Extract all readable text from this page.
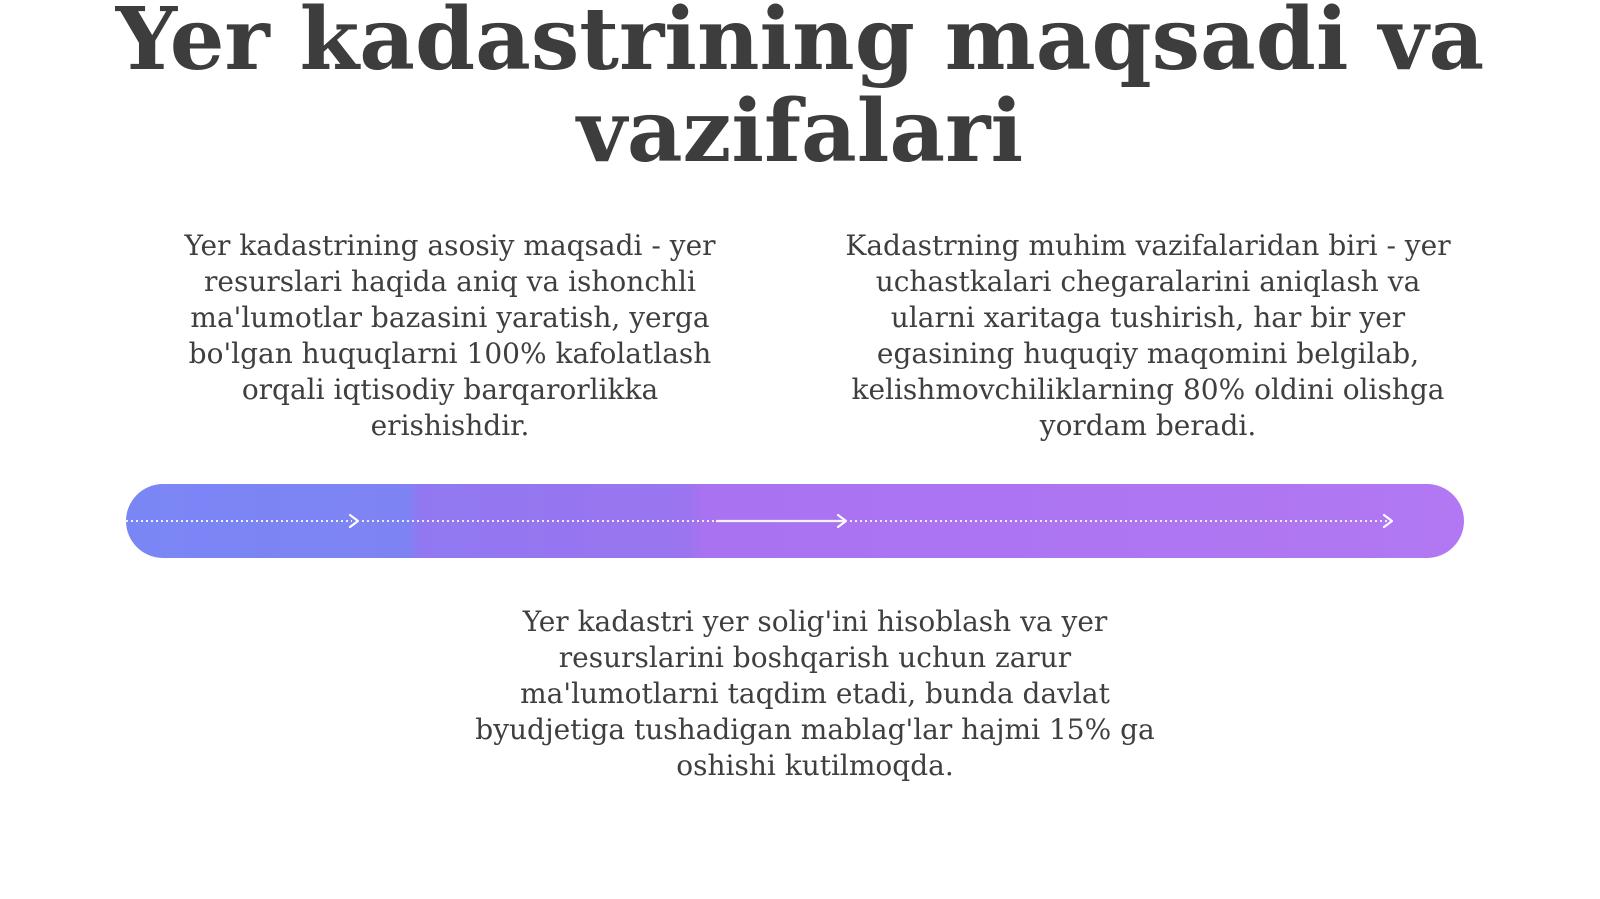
Yer kadastrining maqsadi va vazifalari

Yer kadastrining asosiy maqsadi - yer resurslari haqida aniq va ishonchli ma'lumotlar bazasini yaratish, yerga bo'lgan huquqlarni 100% kafolatlash orqali iqtisodiy barqarorlikka erishishdir.

Kadastrning muhim vazifalaridan biri - yer uchastkalari chegaralarini aniqlash va ularni xaritaga tushirish, har bir yer egasining huquqiy maqomini belgilab, kelishmovchiliklarning 80% oldini olishga yordam beradi.

Yer kadastri yer solig'ini hisoblash va yer resurslarini boshqarish uchun zarur ma'lumotlarni taqdim etadi, bunda davlat byudjetiga tushadigan mablag'lar hajmi 15% ga oshishi kutilmoqda.
